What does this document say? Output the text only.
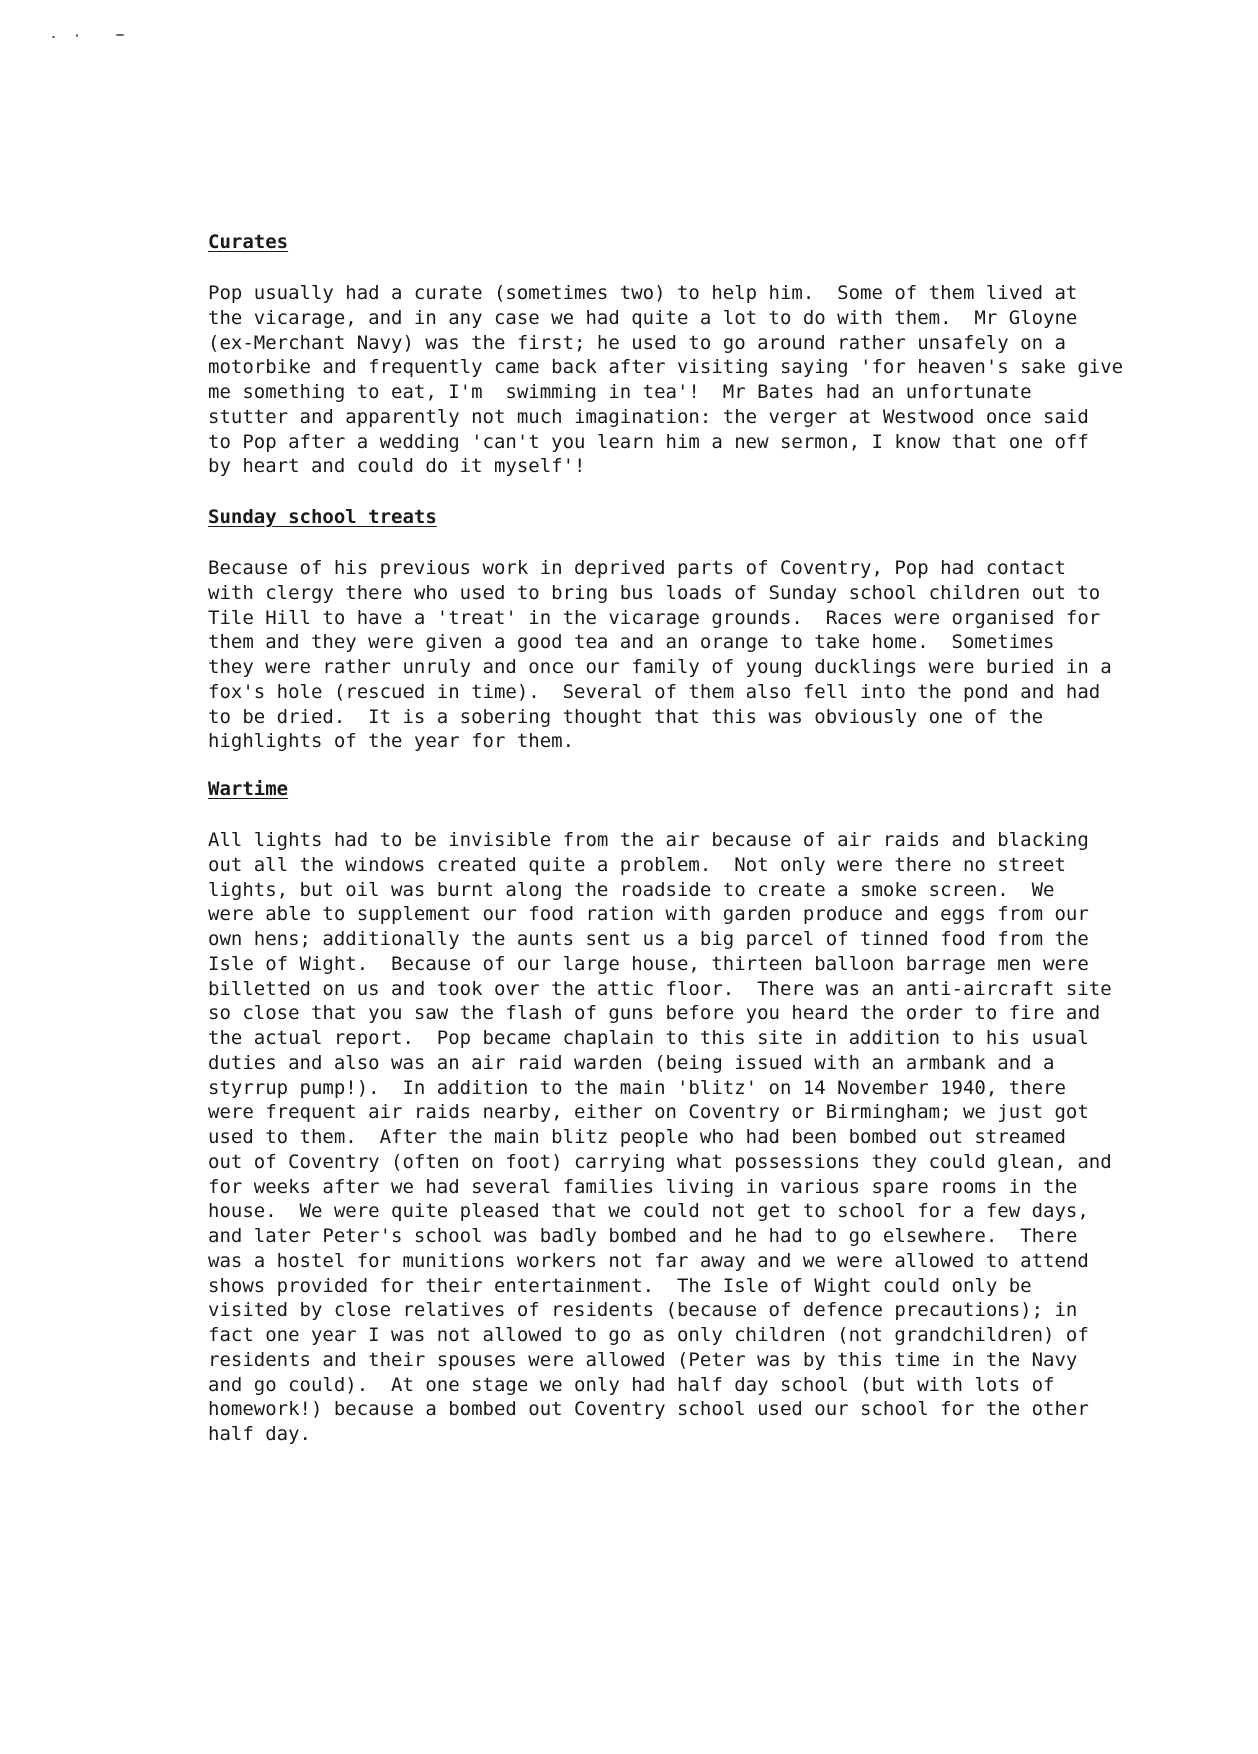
Curates

Pop usually had a curate (sometimes two) to help him.  Some of them lived at
the vicarage, and in any case we had quite a lot to do with them.  Mr Gloyne
(ex-Merchant Navy) was the first; he used to go around rather unsafely on a
motorbike and frequently came back after visiting saying 'for heaven's sake give
me something to eat, I'm  swimming in tea'!  Mr Bates had an unfortunate
stutter and apparently not much imagination: the verger at Westwood once said
to Pop after a wedding 'can't you learn him a new sermon, I know that one off
by heart and could do it myself'!

Sunday school treats

Because of his previous work in deprived parts of Coventry, Pop had contact
with clergy there who used to bring bus loads of Sunday school children out to
Tile Hill to have a 'treat' in the vicarage grounds.  Races were organised for
them and they were given a good tea and an orange to take home.  Sometimes
they were rather unruly and once our family of young ducklings were buried in a
fox's hole (rescued in time).  Several of them also fell into the pond and had
to be dried.  It is a sobering thought that this was obviously one of the
highlights of the year for them.

Wartime

All lights had to be invisible from the air because of air raids and blacking
out all the windows created quite a problem.  Not only were there no street
lights, but oil was burnt along the roadside to create a smoke screen.  We
were able to supplement our food ration with garden produce and eggs from our
own hens; additionally the aunts sent us a big parcel of tinned food from the
Isle of Wight.  Because of our large house, thirteen balloon barrage men were
billetted on us and took over the attic floor.  There was an anti-aircraft site
so close that you saw the flash of guns before you heard the order to fire and
the actual report.  Pop became chaplain to this site in addition to his usual
duties and also was an air raid warden (being issued with an armbank and a
styrrup pump!).  In addition to the main 'blitz' on 14 November 1940, there
were frequent air raids nearby, either on Coventry or Birmingham; we just got
used to them.  After the main blitz people who had been bombed out streamed
out of Coventry (often on foot) carrying what possessions they could glean, and
for weeks after we had several families living in various spare rooms in the
house.  We were quite pleased that we could not get to school for a few days,
and later Peter's school was badly bombed and he had to go elsewhere.  There
was a hostel for munitions workers not far away and we were allowed to attend
shows provided for their entertainment.  The Isle of Wight could only be
visited by close relatives of residents (because of defence precautions); in
fact one year I was not allowed to go as only children (not grandchildren) of
residents and their spouses were allowed (Peter was by this time in the Navy
and go could).  At one stage we only had half day school (but with lots of
homework!) because a bombed out Coventry school used our school for the other
half day.
